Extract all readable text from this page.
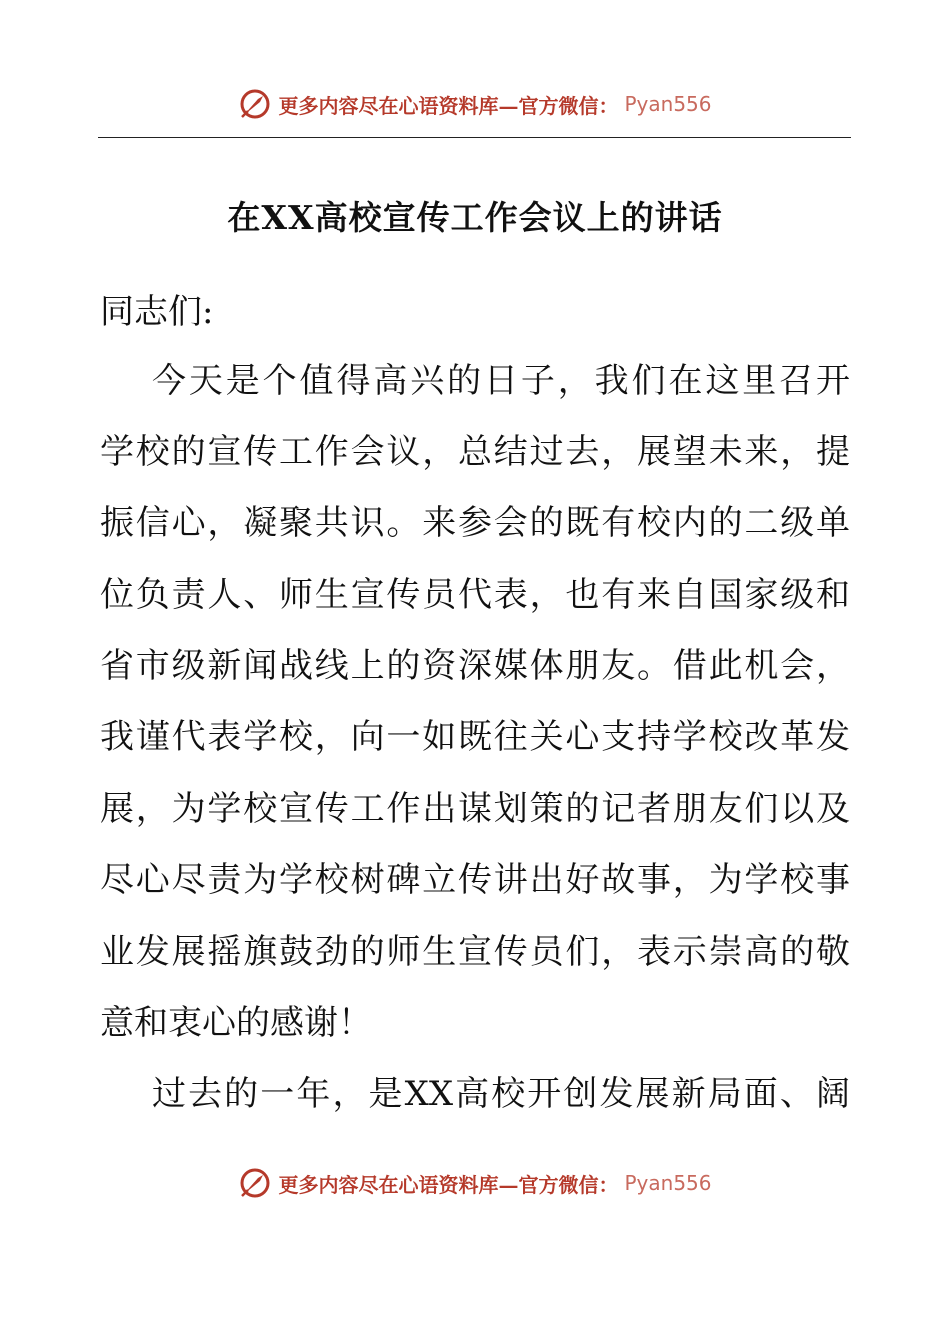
更多内容尽在心语资料库—官方微信： Pyan556
在XX高校宣传工作会议上的讲话
同志们:
今天是个值得高兴的日子，我们在这里召开
学校的宣传工作会议，总结过去，展望未来，提
振信心，凝聚共识。来参会的既有校内的二级单
位负责人、师生宣传员代表，也有来自国家级和
省市级新闻战线上的资深媒体朋友。借此机会，
我谨代表学校，向一如既往关心支持学校改革发
展，为学校宣传工作出谋划策的记者朋友们以及
尽心尽责为学校树碑立传讲出好故事，为学校事
业发展摇旗鼓劲的师生宣传员们，表示崇高的敬
意和衷心的感谢！
过去的一年，是XX高校开创发展新局面、阔
更多内容尽在心语资料库—官方微信： Pyan556
